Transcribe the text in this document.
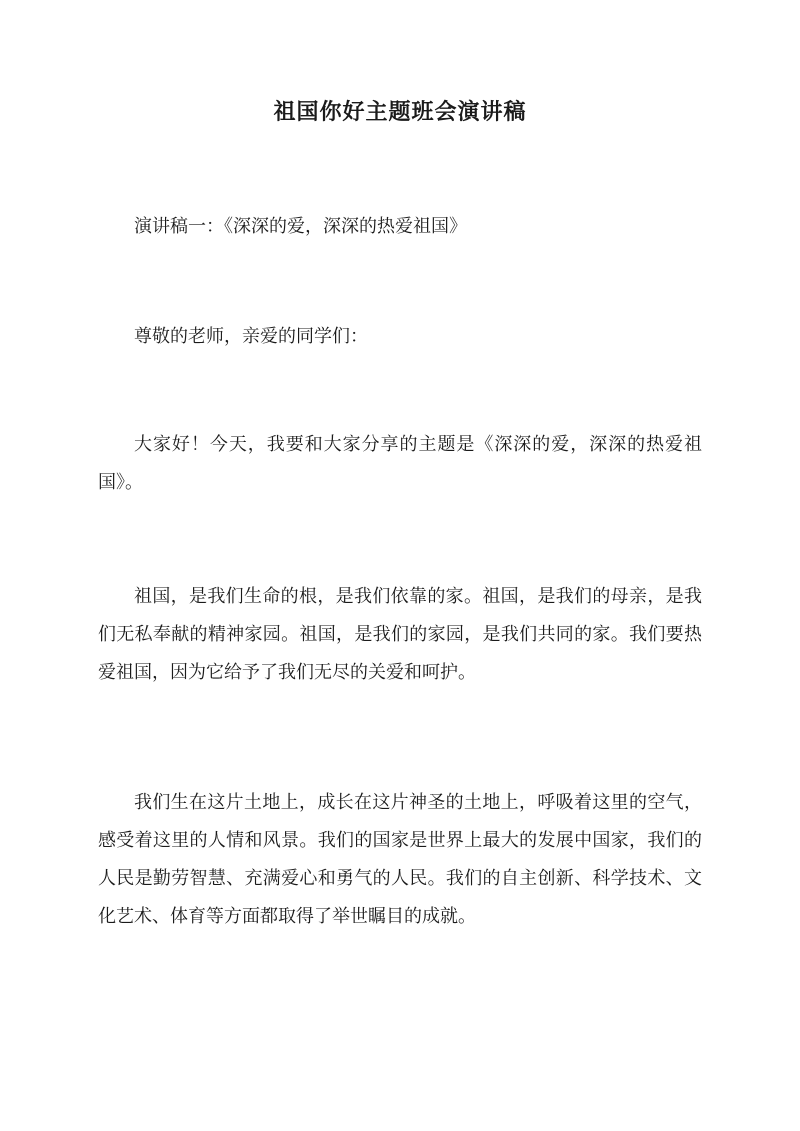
祖国你好主题班会演讲稿
演讲稿一：《深深的爱，深深的热爱祖国》
尊敬的老师，亲爱的同学们：
大家好！今天，我要和大家分享的主题是《深深的爱，深深的热爱祖国》。
祖国，是我们生命的根，是我们依靠的家。祖国，是我们的母亲，是我们无私奉献的精神家园。祖国，是我们的家园，是我们共同的家。我们要热爱祖国，因为它给予了我们无尽的关爱和呵护。
我们生在这片土地上，成长在这片神圣的土地上，呼吸着这里的空气，感受着这里的人情和风景。我们的国家是世界上最大的发展中国家，我们的人民是勤劳智慧、充满爱心和勇气的人民。我们的自主创新、科学技术、文化艺术、体育等方面都取得了举世瞩目的成就。
